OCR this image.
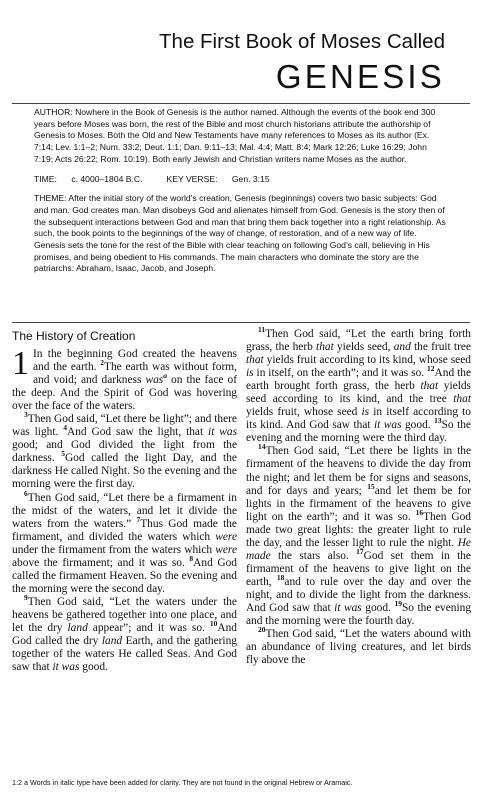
The First Book of Moses Called
GENESIS

AUTHOR: Nowhere in the Book of Genesis is the author named. Although the events of the book end 300 years before Moses was born, the rest of the Bible and most church historians attribute the authorship of Genesis to Moses. Both the Old and New Testaments have many references to Moses as its author (Ex. 7:14; Lev. 1:1–2; Num. 33:2; Deut. 1:1; Dan. 9:11–13; Mal. 4:4; Matt. 8:4; Mark 12:26; Luke 16:29; John 7:19; Acts 26:22; Rom. 10:19). Both early Jewish and Christian writers name Moses as the author.

TIME: c. 4000–1804 B.C.	KEY VERSE: Gen. 3:15

THEME: After the initial story of the world’s creation, Genesis (beginnings) covers two basic subjects: God and man. God creates man. Man disobeys God and alienates himself from God. Genesis is the story then of the subsequent interactions between God and man that bring them back together into a right relationship. As such, the book points to the beginnings of the way of change, of restoration, and of a new way of life. Genesis sets the tone for the rest of the Bible with clear teaching on following God’s call, believing in His promises, and being obedient to His commands. The main characters who dominate the story are the patriarchs: Abraham, Isaac, Jacob, and Joseph.

The History of Creation
1 In the beginning God created the heavens and the earth. $^2$The earth was without form, and void; and darkness was$^a$ on the face of the deep. And the Spirit of God was hovering over the face of the waters.
$^3$Then God said, “Let there be light”; and there was light. $^4$And God saw the light, that it was good; and God divided the light from the darkness. $^5$God called the light Day, and the darkness He called Night. So the evening and the morning were the first day.
$^6$Then God said, “Let there be a firmament in the midst of the waters, and let it divide the waters from the waters.” $^7$Thus God made the firmament, and divided the waters which were under the firmament from the waters which were above the firmament; and it was so. $^8$And God called the firmament Heaven. So the evening and the morning were the second day.
$^9$Then God said, “Let the waters under the heavens be gathered together into one place, and let the dry land appear”; and it was so. $^{10}$And God called the dry land Earth, and the gathering together of the waters He called Seas. And God saw that it was good.
$^{11}$Then God said, “Let the earth bring forth grass, the herb that yields seed, and the fruit tree that yields fruit according to its kind, whose seed is in itself, on the earth”; and it was so. $^{12}$And the earth brought forth grass, the herb that yields seed according to its kind, and the tree that yields fruit, whose seed is in itself according to its kind. And God saw that it was good. $^{13}$So the evening and the morning were the third day.
$^{14}$Then God said, “Let there be lights in the firmament of the heavens to divide the day from the night; and let them be for signs and seasons, and for days and years; $^{15}$and let them be for lights in the firmament of the heavens to give light on the earth”; and it was so. $^{16}$Then God made two great lights: the greater light to rule the day, and the lesser light to rule the night. He made the stars also. $^{17}$God set them in the firmament of the heavens to give light on the earth, $^{18}$and to rule over the day and over the night, and to divide the light from the darkness. And God saw that it was good. $^{19}$So the evening and the morning were the fourth day.
$^{20}$Then God said, “Let the waters abound with an abundance of living creatures, and let birds fly above the
1:2 a Words in italic type have been added for clarity. They are not found in the original Hebrew or Aramaic.
